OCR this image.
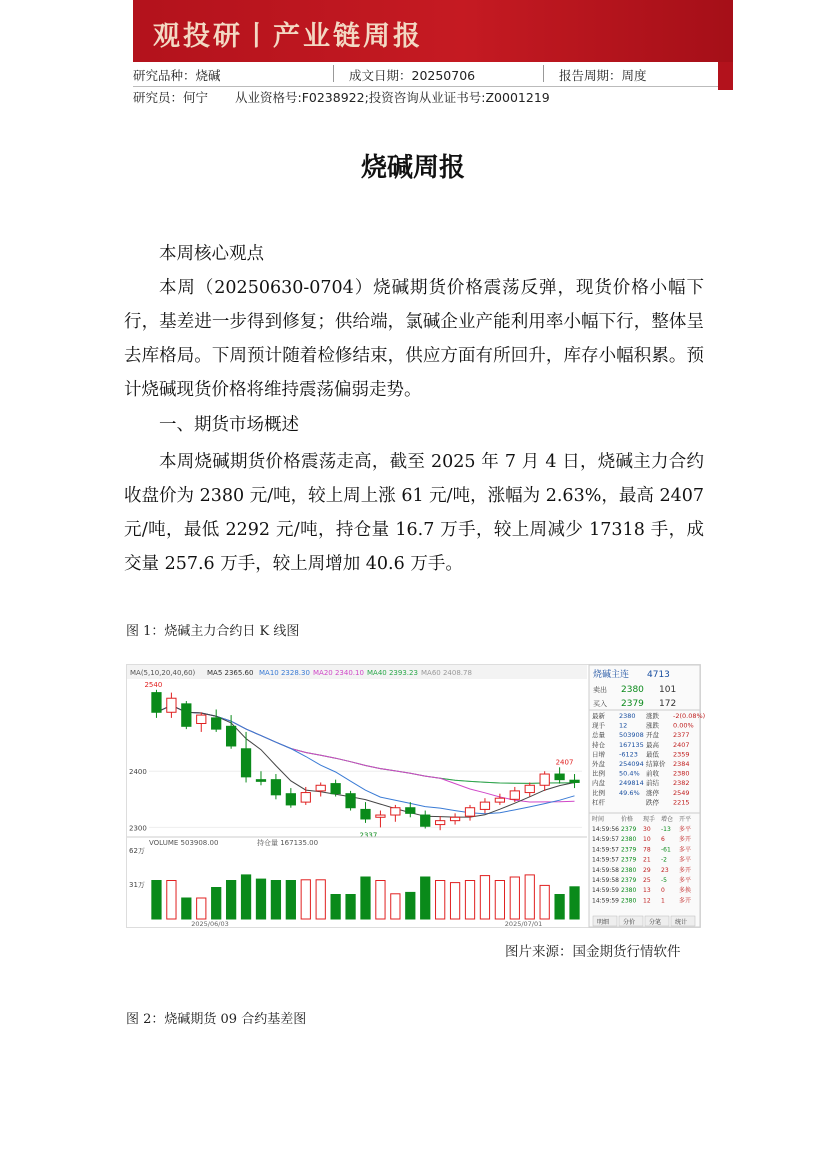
观投研丨产业链周报
研究品种：烧碱	成文日期：20250706	报告周期：周度
研究员：何宁 从业资格号:F0238922;投资咨询从业证书号:Z0001219
烧碱周报
本周核心观点
本周（20250630-0704）烧碱期货价格震荡反弹，现货价格小幅下行，基差进一步得到修复；供给端，氯碱企业产能利用率小幅下行，整体呈去库格局。下周预计随着检修结束，供应方面有所回升，库存小幅积累。预计烧碱现货价格将维持震荡偏弱走势。
一、期货市场概述
本周烧碱期货价格震荡走高，截至 2025 年 7 月 4 日，烧碱主力合约收盘价为 2380 元/吨，较上周上涨 61 元/吨，涨幅为 2.63%，最高 2407 元/吨，最低 2292 元/吨，持仓量 16.7 万手，较上周减少 17318 手，成交量 257.6 万手，较上周增加 40.6 万手。
图 1：烧碱主力合约日 K 线图
MA(5,10,20,40,60) MA5 2365.60 MA10 2328.30 MA20 2340.10 MA40 2393.23 MA60 2408.78
2400
2300
2540
2337
2407
VOLUME 503908.00	持仓量 167135.00
62万
31万
2025/06/03	2025/07/01
烧碱主连 4713
卖出 2380 101
买入 2379 172
最新 2380 涨跌 -2(0.08%)
现手 12	涨跌 0.00%
总量 503908 开盘 2377
持仓 167135 最高 2407
日增 -6123 最低 2359
外盘 254094 结算价 2384
比例 50.4% 前收 2380
内盘 249814 前结 2382
比例 49.6% 涨停 2549
杠杆	跌停 2215
时间	价格 现手 增仓 开平
14:59:56 2379 30 -13 多平
14:59:57 2380 10 6 多开
14:59:57 2379 78 -61 多平
14:59:57 2379 21 -2 多平
14:59:58 2380 29 23 多开
14:59:58 2379 25 -5 多平
14:59:59 2380 13 0 多换
14:59:59 2380 12 1 多开
明细 分价 分笔 统计
图片来源：国金期货行情软件
图 2：烧碱期货 09 合约基差图
